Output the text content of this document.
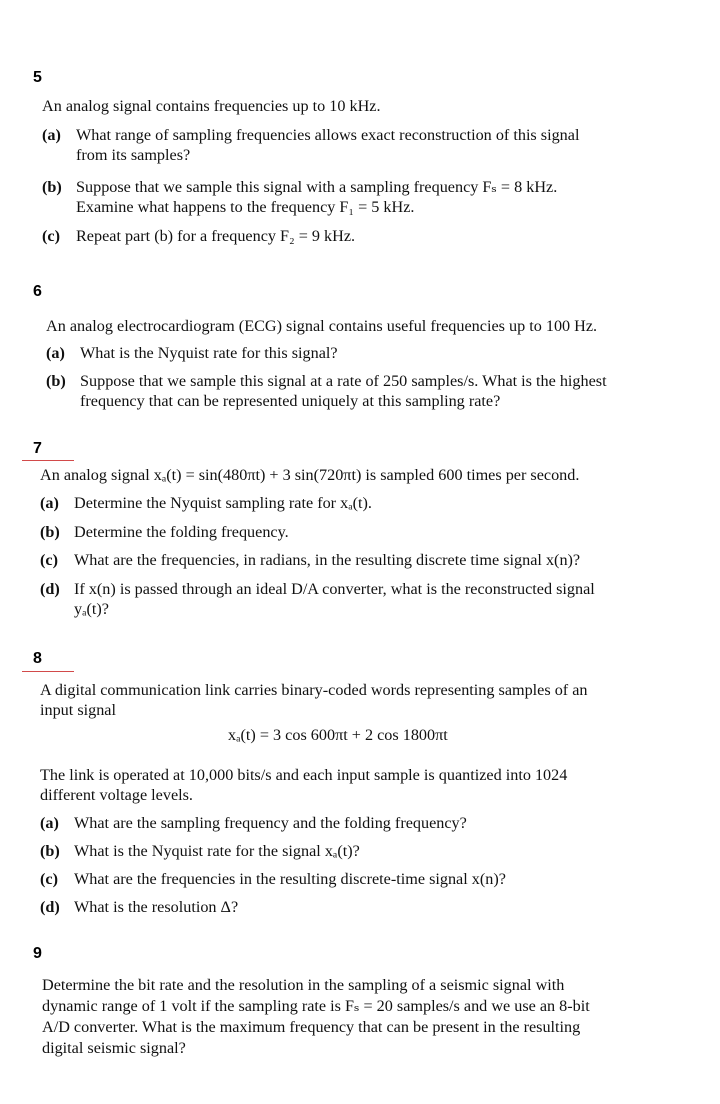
5
An analog signal contains frequencies up to 10 kHz.
(a) What range of sampling frequencies allows exact reconstruction of this signal
from its samples?
(b) Suppose that we sample this signal with a sampling frequency Fₛ = 8 kHz.
Examine what happens to the frequency F₁ = 5 kHz.
(c) Repeat part (b) for a frequency F₂ = 9 kHz.
6
An analog electrocardiogram (ECG) signal contains useful frequencies up to 100 Hz.
(a) What is the Nyquist rate for this signal?
(b) Suppose that we sample this signal at a rate of 250 samples/s. What is the highest
frequency that can be represented uniquely at this sampling rate?
7
An analog signal xₐ(t) = sin(480πt) + 3 sin(720πt) is sampled 600 times per second.
(a) Determine the Nyquist sampling rate for xₐ(t).
(b) Determine the folding frequency.
(c) What are the frequencies, in radians, in the resulting discrete time signal x(n)?
(d) If x(n) is passed through an ideal D/A converter, what is the reconstructed signal
yₐ(t)?
8
A digital communication link carries binary-coded words representing samples of an
input signal
xₐ(t) = 3 cos 600πt + 2 cos 1800πt
The link is operated at 10,000 bits/s and each input sample is quantized into 1024
different voltage levels.
(a) What are the sampling frequency and the folding frequency?
(b) What is the Nyquist rate for the signal xₐ(t)?
(c) What are the frequencies in the resulting discrete-time signal x(n)?
(d) What is the resolution Δ?
9
Determine the bit rate and the resolution in the sampling of a seismic signal with
dynamic range of 1 volt if the sampling rate is Fₛ = 20 samples/s and we use an 8-bit
A/D converter. What is the maximum frequency that can be present in the resulting
digital seismic signal?
